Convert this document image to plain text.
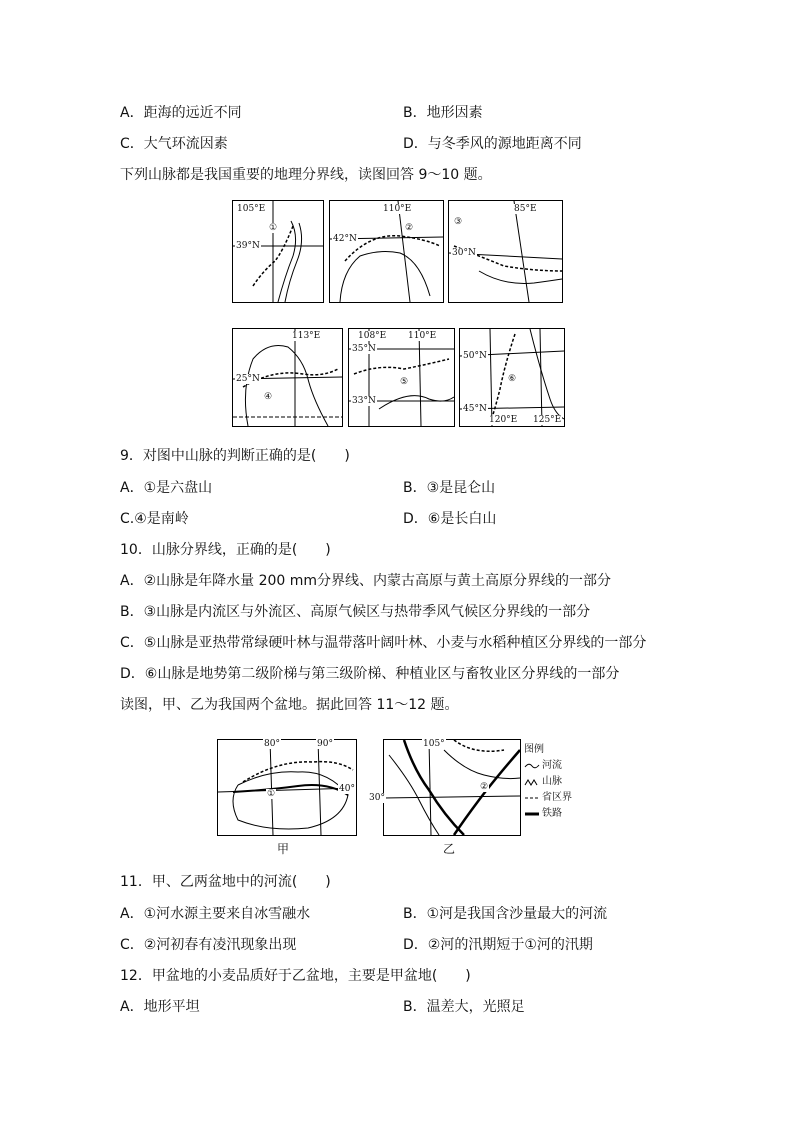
A．距海的远近不同	B．地形因素
C．大气环流因素	D．与冬季风的源地距离不同
下列山脉都是我国重要的地理分界线，读图回答 9～10 题。
105°E
39°N
①
110°E
42°N
②
85°E
30°N
③
113°E
25°N
④
108°E 110°E
35°N
33°N
⑤
50°N
45°N
120°E 125°E
⑥
9．对图中山脉的判断正确的是(　　)
A．①是六盘山	B．③是昆仑山
C.④是南岭	D．⑥是长白山
10．山脉分界线，正确的是(　　)
A．②山脉是年降水量 200 mm分界线、内蒙古高原与黄土高原分界线的一部分
B．③山脉是内流区与外流区、高原气候区与热带季风气候区分界线的一部分
C．⑤山脉是亚热带常绿硬叶林与温带落叶阔叶林、小麦与水稻种植区分界线的一部分
D．⑥山脉是地势第二级阶梯与第三级阶梯、种植业区与畜牧业区分界线的一部分
读图，甲、乙为我国两个盆地。据此回答 11～12 题。
80°	90°
40°
①
甲
105°
30°
②
乙
图例
河流
山脉
省区界
铁路
11．甲、乙两盆地中的河流(　　)
A．①河水源主要来自冰雪融水	B．①河是我国含沙量最大的河流
C．②河初春有凌汛现象出现	D．②河的汛期短于①河的汛期
12．甲盆地的小麦品质好于乙盆地，主要是甲盆地(　　)
A．地形平坦	B．温差大，光照足
